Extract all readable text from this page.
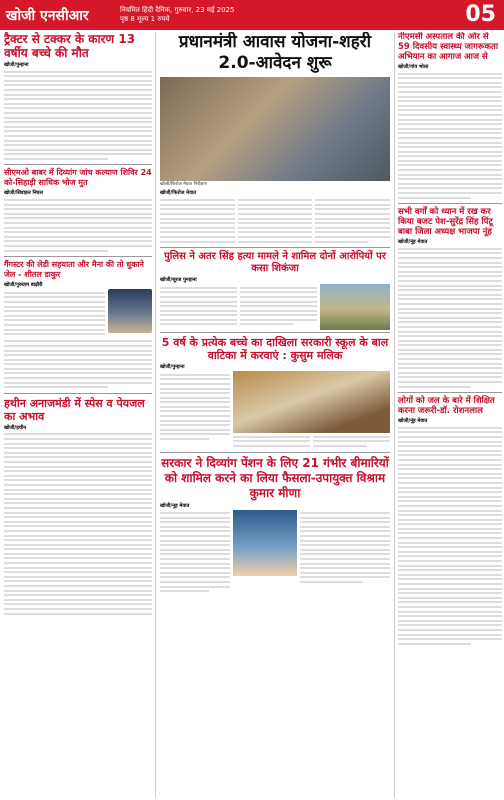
खोजी एनसीआर	नियमित हिंदी दैनिक, गुरुवार, 23 मई 2025
पृष्ठ 8 मूल्य 1 रुपये	05
ट्रैक्टर से टक्कर के कारण 13 वर्षीय बच्चे की मौत
खोजी/पुन्हाना
सीएमओ बाबर में दिव्यांग जांच कल्याण शिविर 24 को-सिहाड़ी साधिक भोज मुत
खोजी/सिडाक़र निघल
गैंगस्टर की लेडी सहयाता और मैना की तो धुकाने जेल - शीतल डाकुर
खोजी/गुरुग्राम बाढ़ौरी
हथीन अनाजमंडी में स्पेस व पेयजल का अभाव
खोजी/हथीन
प्रधानमंत्री आवास योजना-शहरी 2.0-आवेदन शुरू
खोजी/फिरोज मेवात निरीक्षण
खोजी/फिरोज मेवात
पुलिस ने अतर सिंह हत्या मामले ने शामिल दोनों आरोपियों पर कसा शिकंजा
खोजी/सूरज पुनहाना
5 वर्ष के प्रत्येक बच्चे का दाखिला सरकारी स्कूल के बाल वाटिका में करवाएं : कुसुम मलिक
खोजी/पुन्हाना
सरकार ने दिव्यांग पेंशन के लिए 21 गंभीर बीमारियों को शामिल करने का लिया फैसला-उपायुक्त विश्राम कुमार मीणा
खोजी/नूह मेवात
नीएमसी अस्पताल की ओर से 59 दिवसीय स्वास्थ्य जागरूकता अभियान का आगाज आज से
खोजी/गांव भोला
सभी वर्गों को ध्यान में रख कर किया बजट पेश-सुरेंद्र सिंह पिंटू बाबा जिला अध्यक्ष भाजपा नूंह
खोजी/नूंह मेवात
लोगों को जल के बारे में शिक्षित करना जरूरी-डॉ. रोशनलाल
खोजी/नूंह मेवात
